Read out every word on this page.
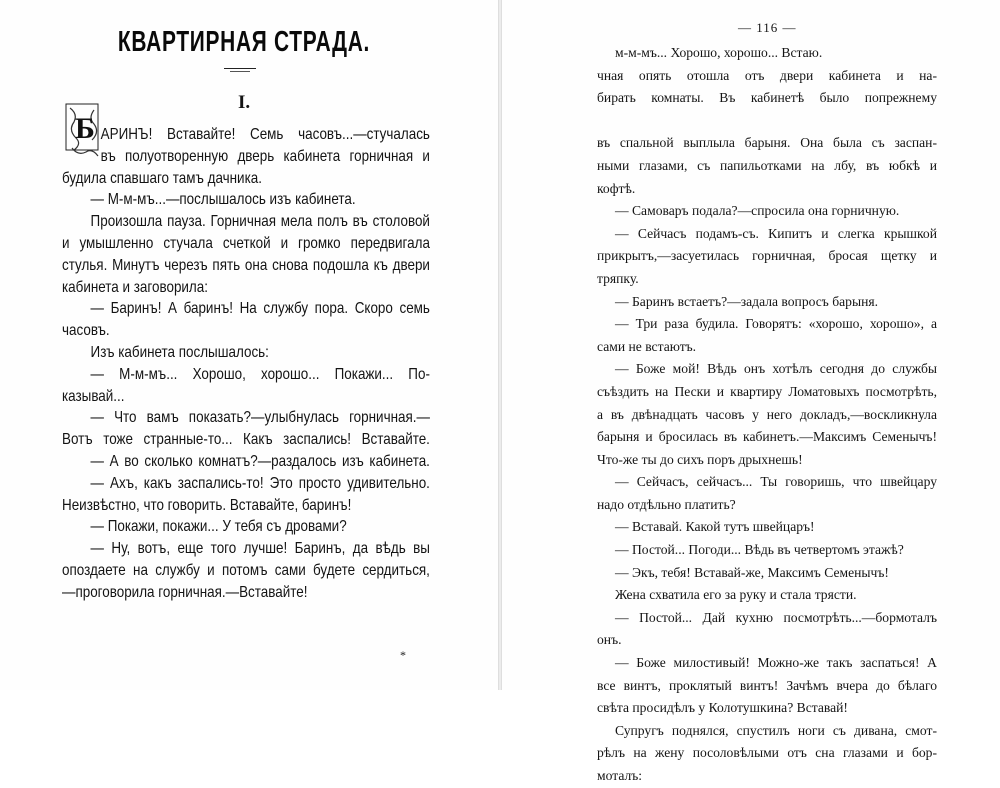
КВАРТИРНАЯ СТРАДА.
I.
Б АРИНЪ! Вставайте! Семь часовъ...—стучалась
въ полуотворенную дверь кабинета горничная и
будила спавшаго тамъ дачника.
— М-м-мъ...—послышалось изъ кабинета.
Произошла пауза. Горничная мела полъ въ столовой
и умышленно стучала счеткой и громко передвигала
стулья. Минутъ черезъ пять она снова подошла къ двери
кабинета и заговорила:
— Баринъ! А баринъ! На службу пора. Скоро семь
часовъ.
Изъ кабинета послышалось:
— М-м-мъ... Хорошо, хорошо... Покажи... По-
казывай...
— Что вамъ показать?—улыбнулась горничная.—
Вотъ тоже странные-то... Какъ заспались! Вставайте.
— А во сколько комнатъ?—раздалось изъ кабинета.
— Ахъ, какъ заспались-то! Это просто удивительно.
Неизвѣстно, что говорить. Вставайте, баринъ!
— Покажи, покажи... У тебя съ дровами?
— Ну, вотъ, еще того лучше! Баринъ, да вѣдь вы
опоздаете на службу и потомъ сами будете сердиться,
—проговорила горничная.—Вставайте!
*
— 116 —
м-м-мъ... Хорошо, хорошо... Встаю.
чная опять отошла отъ двери кабинета и на-
бирать комнаты. Въ кабинетѣ было попрежнему
въ спальной выплыла барыня. Она была съ заспан-
ными глазами, съ папильотками на лбу, въ юбкѣ и
кофтѣ.
— Самоваръ подала?—спросила она горничную.
— Сейчасъ подамъ-съ. Кипитъ и слегка крышкой
прикрытъ,—засуетилась горничная, бросая щетку и
тряпку.
— Баринъ встаетъ?—задала вопросъ барыня.
— Три раза будила. Говорятъ: «хорошо, хорошо», а
сами не встаютъ.
— Боже мой! Вѣдь онъ хотѣлъ сегодня до службы
съѣздить на Пески и квартиру Ломатовыхъ посмотрѣть,
а въ двѣнадцать часовъ у него докладъ,—воскликнула
барыня и бросилась въ кабинетъ.—Максимъ Семенычъ!
Что-же ты до сихъ поръ дрыхнешь!
— Сейчасъ, сейчасъ... Ты говоришь, что швейцару
надо отдѣльно платить?
— Вставай. Какой тутъ швейцаръ!
— Постой... Погоди... Вѣдь въ четвертомъ этажѣ?
— Экъ, тебя! Вставай-же, Максимъ Семенычъ!
Жена схватила его за руку и стала трясти.
— Постой... Дай кухню посмотрѣть...—бормоталъ
онъ.
— Боже милостивый! Можно-же такъ заспаться! А
все винтъ, проклятый винтъ! Зачѣмъ вчера до бѣлаго
свѣта просидѣлъ у Колотушкина? Вставай!
Супругъ поднялся, спустилъ ноги съ дивана, смот-
рѣлъ на жену посоловѣлыми отъ сна глазами и бор-
моталъ:
